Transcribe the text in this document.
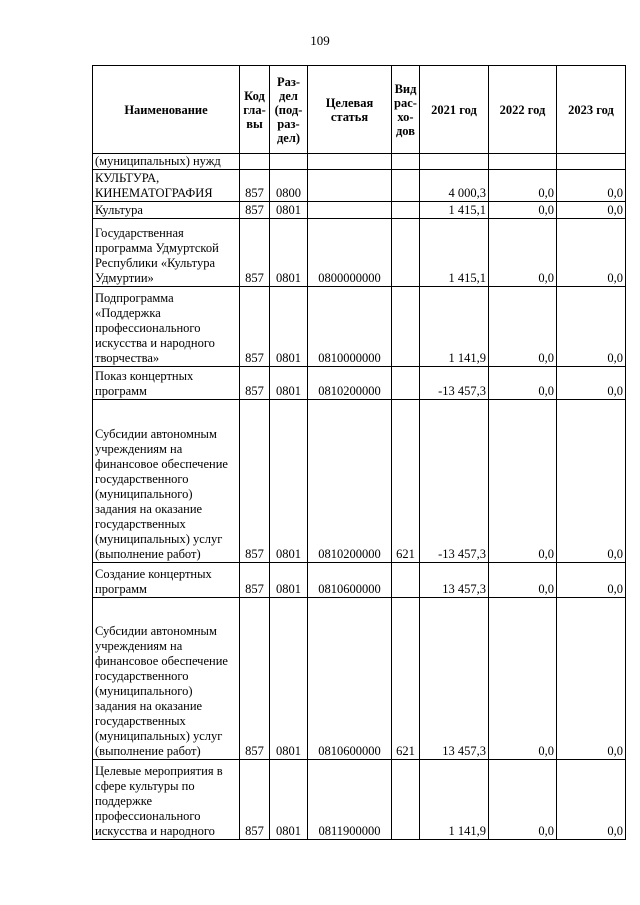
109
Наименование	Код гла-вы	Раз-дел (под-раз-дел)	Целевая статья	Вид рас-хо-дов	2021 год	2022 год	2023 год
(муниципальных) нужд							
КУЛЬТУРА, КИНЕМАТОГРАФИЯ	857	0800			4 000,3	0,0	0,0
Культура	857	0801			1 415,1	0,0	0,0
Государственная программа Удмуртской Республики «Культура Удмуртии»	857	0801	0800000000		1 415,1	0,0	0,0
Подпрограмма «Поддержка профессионального искусства и народного творчества»	857	0801	0810000000		1 141,9	0,0	0,0
Показ концертных программ	857	0801	0810200000		-13 457,3	0,0	0,0
Субсидии автономным учреждениям на финансовое обеспечение государственного (муниципального) задания на оказание государственных (муниципальных) услуг (выполнение работ)	857	0801	0810200000	621	-13 457,3	0,0	0,0
Создание концертных программ	857	0801	0810600000		13 457,3	0,0	0,0
Субсидии автономным учреждениям на финансовое обеспечение государственного (муниципального) задания на оказание государственных (муниципальных) услуг (выполнение работ)	857	0801	0810600000	621	13 457,3	0,0	0,0
Целевые мероприятия в сфере культуры по поддержке профессионального искусства и народного	857	0801	0811900000		1 141,9	0,0	0,0
